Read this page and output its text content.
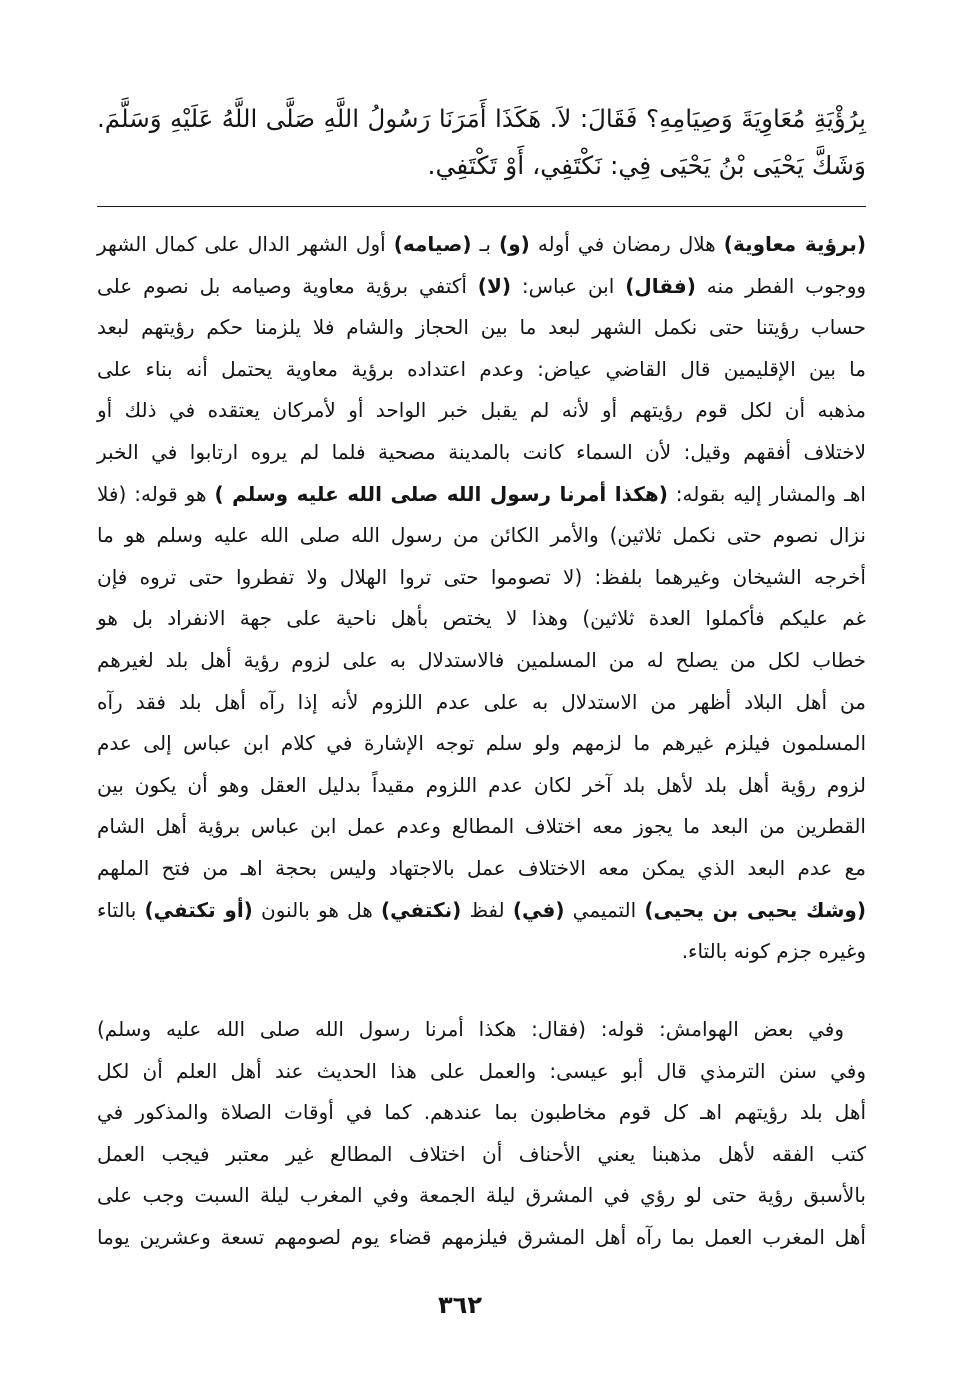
بِرُؤْيَةِ مُعَاوِيَةَ وَصِيَامِهِ؟ فَقَالَ: لاَ. هَكَذَا أَمَرَنَا رَسُولُ اللَّهِ صَلَّى اللَّهُ عَلَيْهِ وَسَلَّمَ.
وَشَكَّ يَحْيَى بْنُ يَحْيَى فِي: نَكْتَفِي، أَوْ تَكْتَفِي.
(برؤية معاوية) هلال رمضان في أوله (و) بـ (صيامه) أول الشهر الدال على كمال الشهر
ووجوب الفطر منه (فقال) ابن عباس: (لا) أكتفي برؤية معاوية وصيامه بل نصوم على
حساب رؤيتنا حتى نكمل الشهر لبعد ما بين الحجاز والشام فلا يلزمنا حكم رؤيتهم لبعد
ما بين الإقليمين قال القاضي عياض: وعدم اعتداده برؤية معاوية يحتمل أنه بناء على
مذهبه أن لكل قوم رؤيتهم أو لأنه لم يقبل خبر الواحد أو لأمركان يعتقده في ذلك أو
لاختلاف أفقهم وقيل: لأن السماء كانت بالمدينة مصحية فلما لم يروه ارتابوا في الخبر
اهـ والمشار إليه بقوله: (هكذا أمرنا رسول الله صلى الله عليه وسلم ) هو قوله: (فلا
نزال نصوم حتى نكمل ثلاثين) والأمر الكائن من رسول الله صلى الله عليه وسلم هو ما
أخرجه الشيخان وغيرهما بلفظ: (لا تصوموا حتى تروا الهلال ولا تفطروا حتى تروه فإن
غم عليكم فأكملوا العدة ثلاثين) وهذا لا يختص بأهل ناحية على جهة الانفراد بل هو
خطاب لكل من يصلح له من المسلمين فالاستدلال به على لزوم رؤية أهل بلد لغيرهم
من أهل البلاد أظهر من الاستدلال به على عدم اللزوم لأنه إذا رآه أهل بلد فقد رآه
المسلمون فيلزم غيرهم ما لزمهم ولو سلم توجه الإشارة في كلام ابن عباس إلى عدم
لزوم رؤية أهل بلد لأهل بلد آخر لكان عدم اللزوم مقيداً بدليل العقل وهو أن يكون بين
القطرين من البعد ما يجوز معه اختلاف المطالع وعدم عمل ابن عباس برؤية أهل الشام
مع عدم البعد الذي يمكن معه الاختلاف عمل بالاجتهاد وليس بحجة اهـ من فتح الملهم
(وشك يحيى بن يحيى) التميمي (في) لفظ (نكتفي) هل هو بالنون (أو تكتفي) بالتاء
وغيره جزم كونه بالتاء.
وفي بعض الهوامش: قوله: (فقال: هكذا أمرنا رسول الله صلى الله عليه وسلم)
وفي سنن الترمذي قال أبو عيسى: والعمل على هذا الحديث عند أهل العلم أن لكل
أهل بلد رؤيتهم اهـ كل قوم مخاطبون بما عندهم. كما في أوقات الصلاة والمذكور في
كتب الفقه لأهل مذهبنا يعني الأحناف أن اختلاف المطالع غير معتبر فيجب العمل
بالأسبق رؤية حتى لو رؤي في المشرق ليلة الجمعة وفي المغرب ليلة السبت وجب على
أهل المغرب العمل بما رآه أهل المشرق فيلزمهم قضاء يوم لصومهم تسعة وعشرين يوما
٣٦٢
